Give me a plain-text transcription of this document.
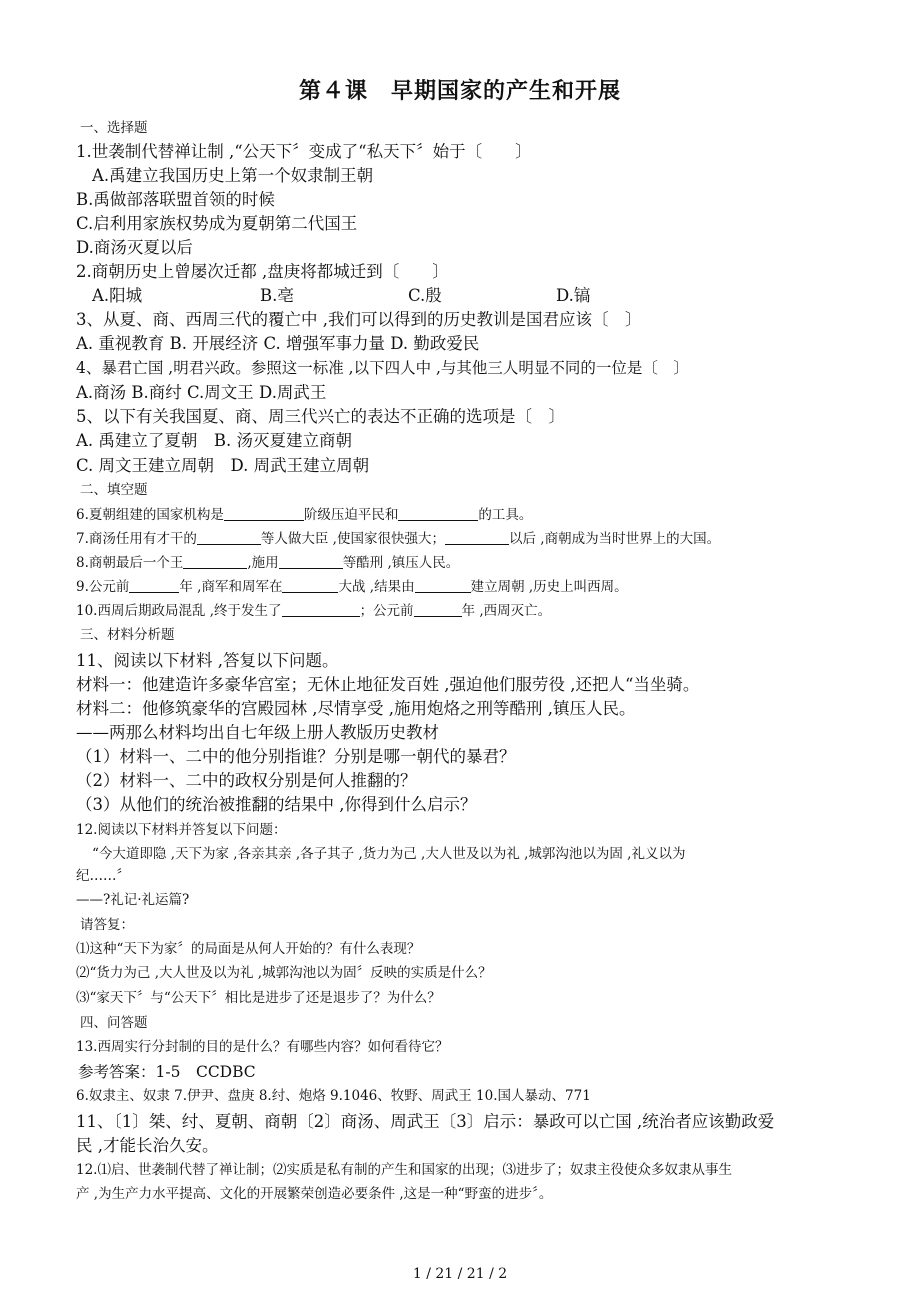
第４课　早期国家的产生和开展
一、选择题
1.世袭制代替禅让制 ,“公天下〞变成了“私天下〞始于〔　　〕
A.禹建立我国历史上第一个奴隶制王朝
B.禹做部落联盟首领的时候
C.启利用家族权势成为夏朝第二代国王
D.商汤灭夏以后
2.商朝历史上曾屡次迁都 ,盘庚将都城迁到〔　　〕
A.阳城	B.亳	C.殷	D.镐
3、从夏、商、西周三代的覆亡中 ,我们可以得到的历史教训是国君应该〔　〕
A. 重视教育 B. 开展经济 C. 增强军事力量 D. 勤政爱民
4、暴君亡国 ,明君兴政。参照这一标准 ,以下四人中 ,与其他三人明显不同的一位是〔　〕
A.商汤 B.商纣 C.周文王 D.周武王
5、以下有关我国夏、商、周三代兴亡的表达不正确的选项是〔　〕
A. 禹建立了夏朝　B. 汤灭夏建立商朝
C. 周文王建立周朝　D. 周武王建立周朝
二、填空题
6.夏朝组建的国家机构是	阶级压迫平民和	的工具。
7.商汤任用有才干的	等人做大臣 ,使国家很快强大；	以后 ,商朝成为当时世界上的大国。
8.商朝最后一个王	,施用	等酷刑 ,镇压人民。
9.公元前	年 ,商军和周军在	大战 ,结果由	建立周朝 ,历史上叫西周。
10.西周后期政局混乱 ,终于发生了	；公元前	年 ,西周灭亡。
三、材料分析题
11、阅读以下材料 ,答复以下问题。
材料一：他建造许多豪华宫室；无休止地征发百姓 ,强迫他们服劳役 ,还把人“当坐骑。
材料二：他修筑豪华的宫殿园林 ,尽情享受 ,施用炮烙之刑等酷刑 ,镇压人民。
——两那么材料均出自七年级上册人教版历史教材
（1）材料一、二中的他分别指谁？分别是哪一朝代的暴君？
（2）材料一、二中的政权分别是何人推翻的？
（3）从他们的统治被推翻的结果中 ,你得到什么启示？
12.阅读以下材料并答复以下问题：
“今大道即隐 ,天下为家 ,各亲其亲 ,各子其子 ,货力为己 ,大人世及以为礼 ,城郭沟池以为固 ,礼义以为
纪……〞
——?礼记·礼运篇?
请答复：
⑴这种“天下为家〞的局面是从何人开始的？有什么表现？
⑵“货力为己 ,大人世及以为礼 ,城郭沟池以为固〞反映的实质是什么？
⑶“家天下〞与“公天下〞相比是进步了还是退步了？为什么？
四、问答题
13.西周实行分封制的目的是什么？有哪些内容？如何看待它？
参考答案：1-5　CCDBC
6.奴隶主、奴隶 7.伊尹、盘庚 8.纣、炮烙 9.1046、牧野、周武王 10.国人暴动、771
11、〔1〕桀、纣、夏朝、商朝〔2〕商汤、周武王〔3〕启示：暴政可以亡国 ,统治者应该勤政爱
民 ,才能长治久安。
12.⑴启、世袭制代替了禅让制；⑵实质是私有制的产生和国家的出现；⑶进步了；奴隶主役使众多奴隶从事生
产 ,为生产力水平提高、文化的开展繁荣创造必要条件 ,这是一种“野蛮的进步〞。
1 / 21 / 21 / 2
